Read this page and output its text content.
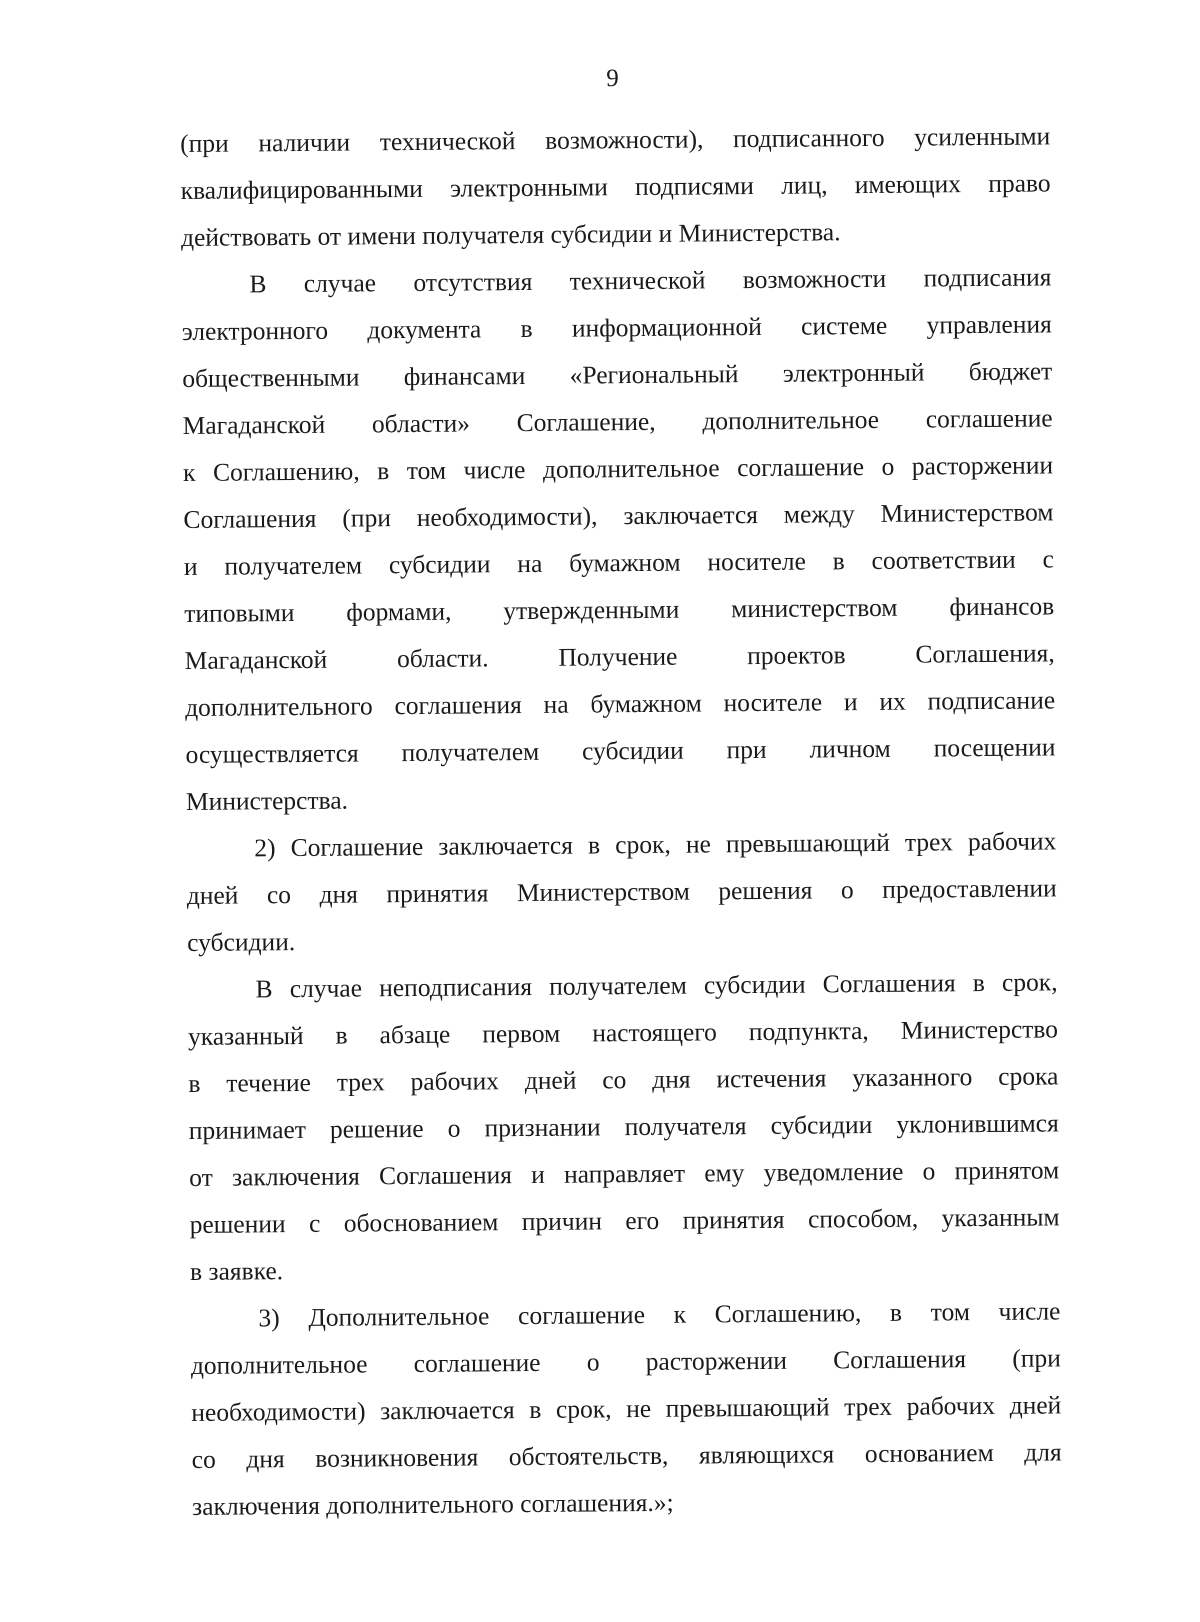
9
(при наличии технической возможности), подписанного усиленными
квалифицированными электронными подписями лиц, имеющих право
действовать от имени получателя субсидии и Министерства.
В случае отсутствия технической возможности подписания
электронного документа в информационной системе управления
общественными финансами «Региональный электронный бюджет
Магаданской области» Соглашение, дополнительное соглашение
к Соглашению, в том числе дополнительное соглашение о расторжении
Соглашения (при необходимости), заключается между Министерством
и получателем субсидии на бумажном носителе в соответствии с
типовыми формами, утвержденными министерством финансов
Магаданской области. Получение проектов Соглашения,
дополнительного соглашения на бумажном носителе и их подписание
осуществляется получателем субсидии при личном посещении
Министерства.
2) Соглашение заключается в срок, не превышающий трех рабочих
дней со дня принятия Министерством решения о предоставлении
субсидии.
В случае неподписания получателем субсидии Соглашения в срок,
указанный в абзаце первом настоящего подпункта, Министерство
в течение трех рабочих дней со дня истечения указанного срока
принимает решение о признании получателя субсидии уклонившимся
от заключения Соглашения и направляет ему уведомление о принятом
решении с обоснованием причин его принятия способом, указанным
в заявке.
3) Дополнительное соглашение к Соглашению, в том числе
дополнительное соглашение о расторжении Соглашения (при
необходимости) заключается в срок, не превышающий трех рабочих дней
со дня возникновения обстоятельств, являющихся основанием для
заключения дополнительного соглашения.»;
